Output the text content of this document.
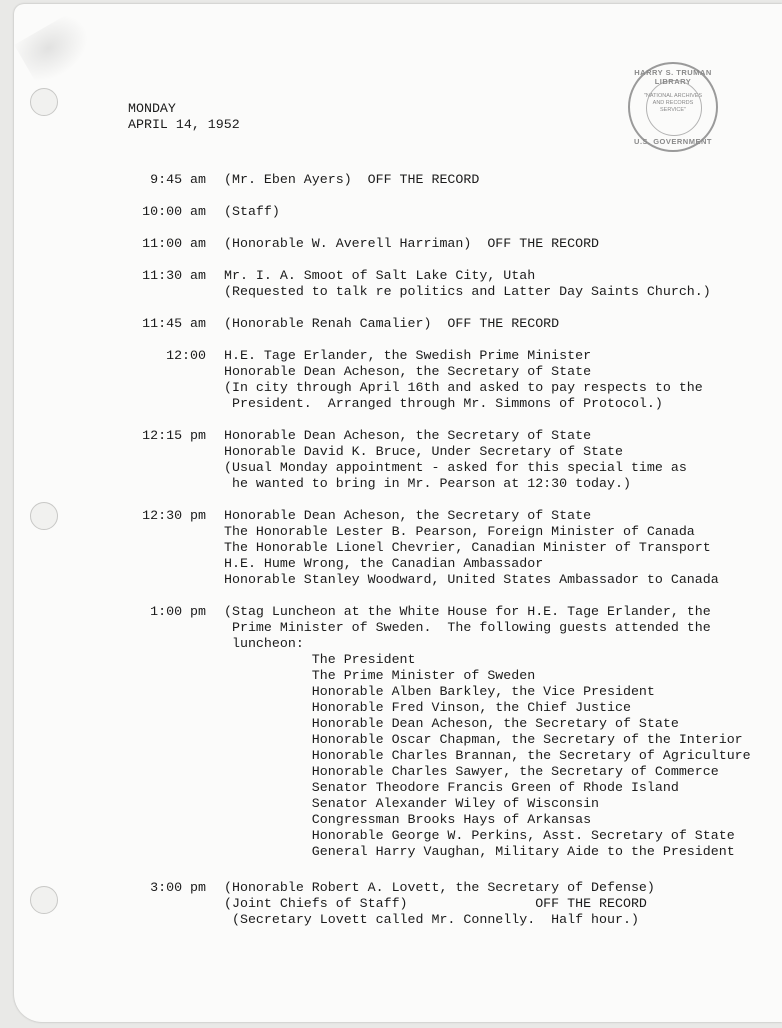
HARRY S. TRUMAN LIBRARY
"NATIONAL ARCHIVES AND RECORDS SERVICE"
U.S. GOVERNMENT
MONDAY
APRIL 14, 1952
9:45 am (Mr. Eben Ayers)  OFF THE RECORD
10:00 am (Staff)
11:00 am (Honorable W. Averell Harriman)  OFF THE RECORD
11:30 am Mr. I. A. Smoot of Salt Lake City, Utah
(Requested to talk re politics and Latter Day Saints Church.)
11:45 am (Honorable Renah Camalier)  OFF THE RECORD
12:00 H.E. Tage Erlander, the Swedish Prime Minister
Honorable Dean Acheson, the Secretary of State
(In city through April 16th and asked to pay respects to the
President.  Arranged through Mr. Simmons of Protocol.)
12:15 pm Honorable Dean Acheson, the Secretary of State
Honorable David K. Bruce, Under Secretary of State
(Usual Monday appointment - asked for this special time as
he wanted to bring in Mr. Pearson at 12:30 today.)
12:30 pm Honorable Dean Acheson, the Secretary of State
The Honorable Lester B. Pearson, Foreign Minister of Canada
The Honorable Lionel Chevrier, Canadian Minister of Transport
H.E. Hume Wrong, the Canadian Ambassador
Honorable Stanley Woodward, United States Ambassador to Canada
1:00 pm (Stag Luncheon at the White House for H.E. Tage Erlander, the
Prime Minister of Sweden.  The following guests attended the
luncheon:
The President
The Prime Minister of Sweden
Honorable Alben Barkley, the Vice President
Honorable Fred Vinson, the Chief Justice
Honorable Dean Acheson, the Secretary of State
Honorable Oscar Chapman, the Secretary of the Interior
Honorable Charles Brannan, the Secretary of Agriculture
Honorable Charles Sawyer, the Secretary of Commerce
Senator Theodore Francis Green of Rhode Island
Senator Alexander Wiley of Wisconsin
Congressman Brooks Hays of Arkansas
Honorable George W. Perkins, Asst. Secretary of State
General Harry Vaughan, Military Aide to the President
3:00 pm (Honorable Robert A. Lovett, the Secretary of Defense)
(Joint Chiefs of Staff)                OFF THE RECORD
(Secretary Lovett called Mr. Connelly.  Half hour.)
